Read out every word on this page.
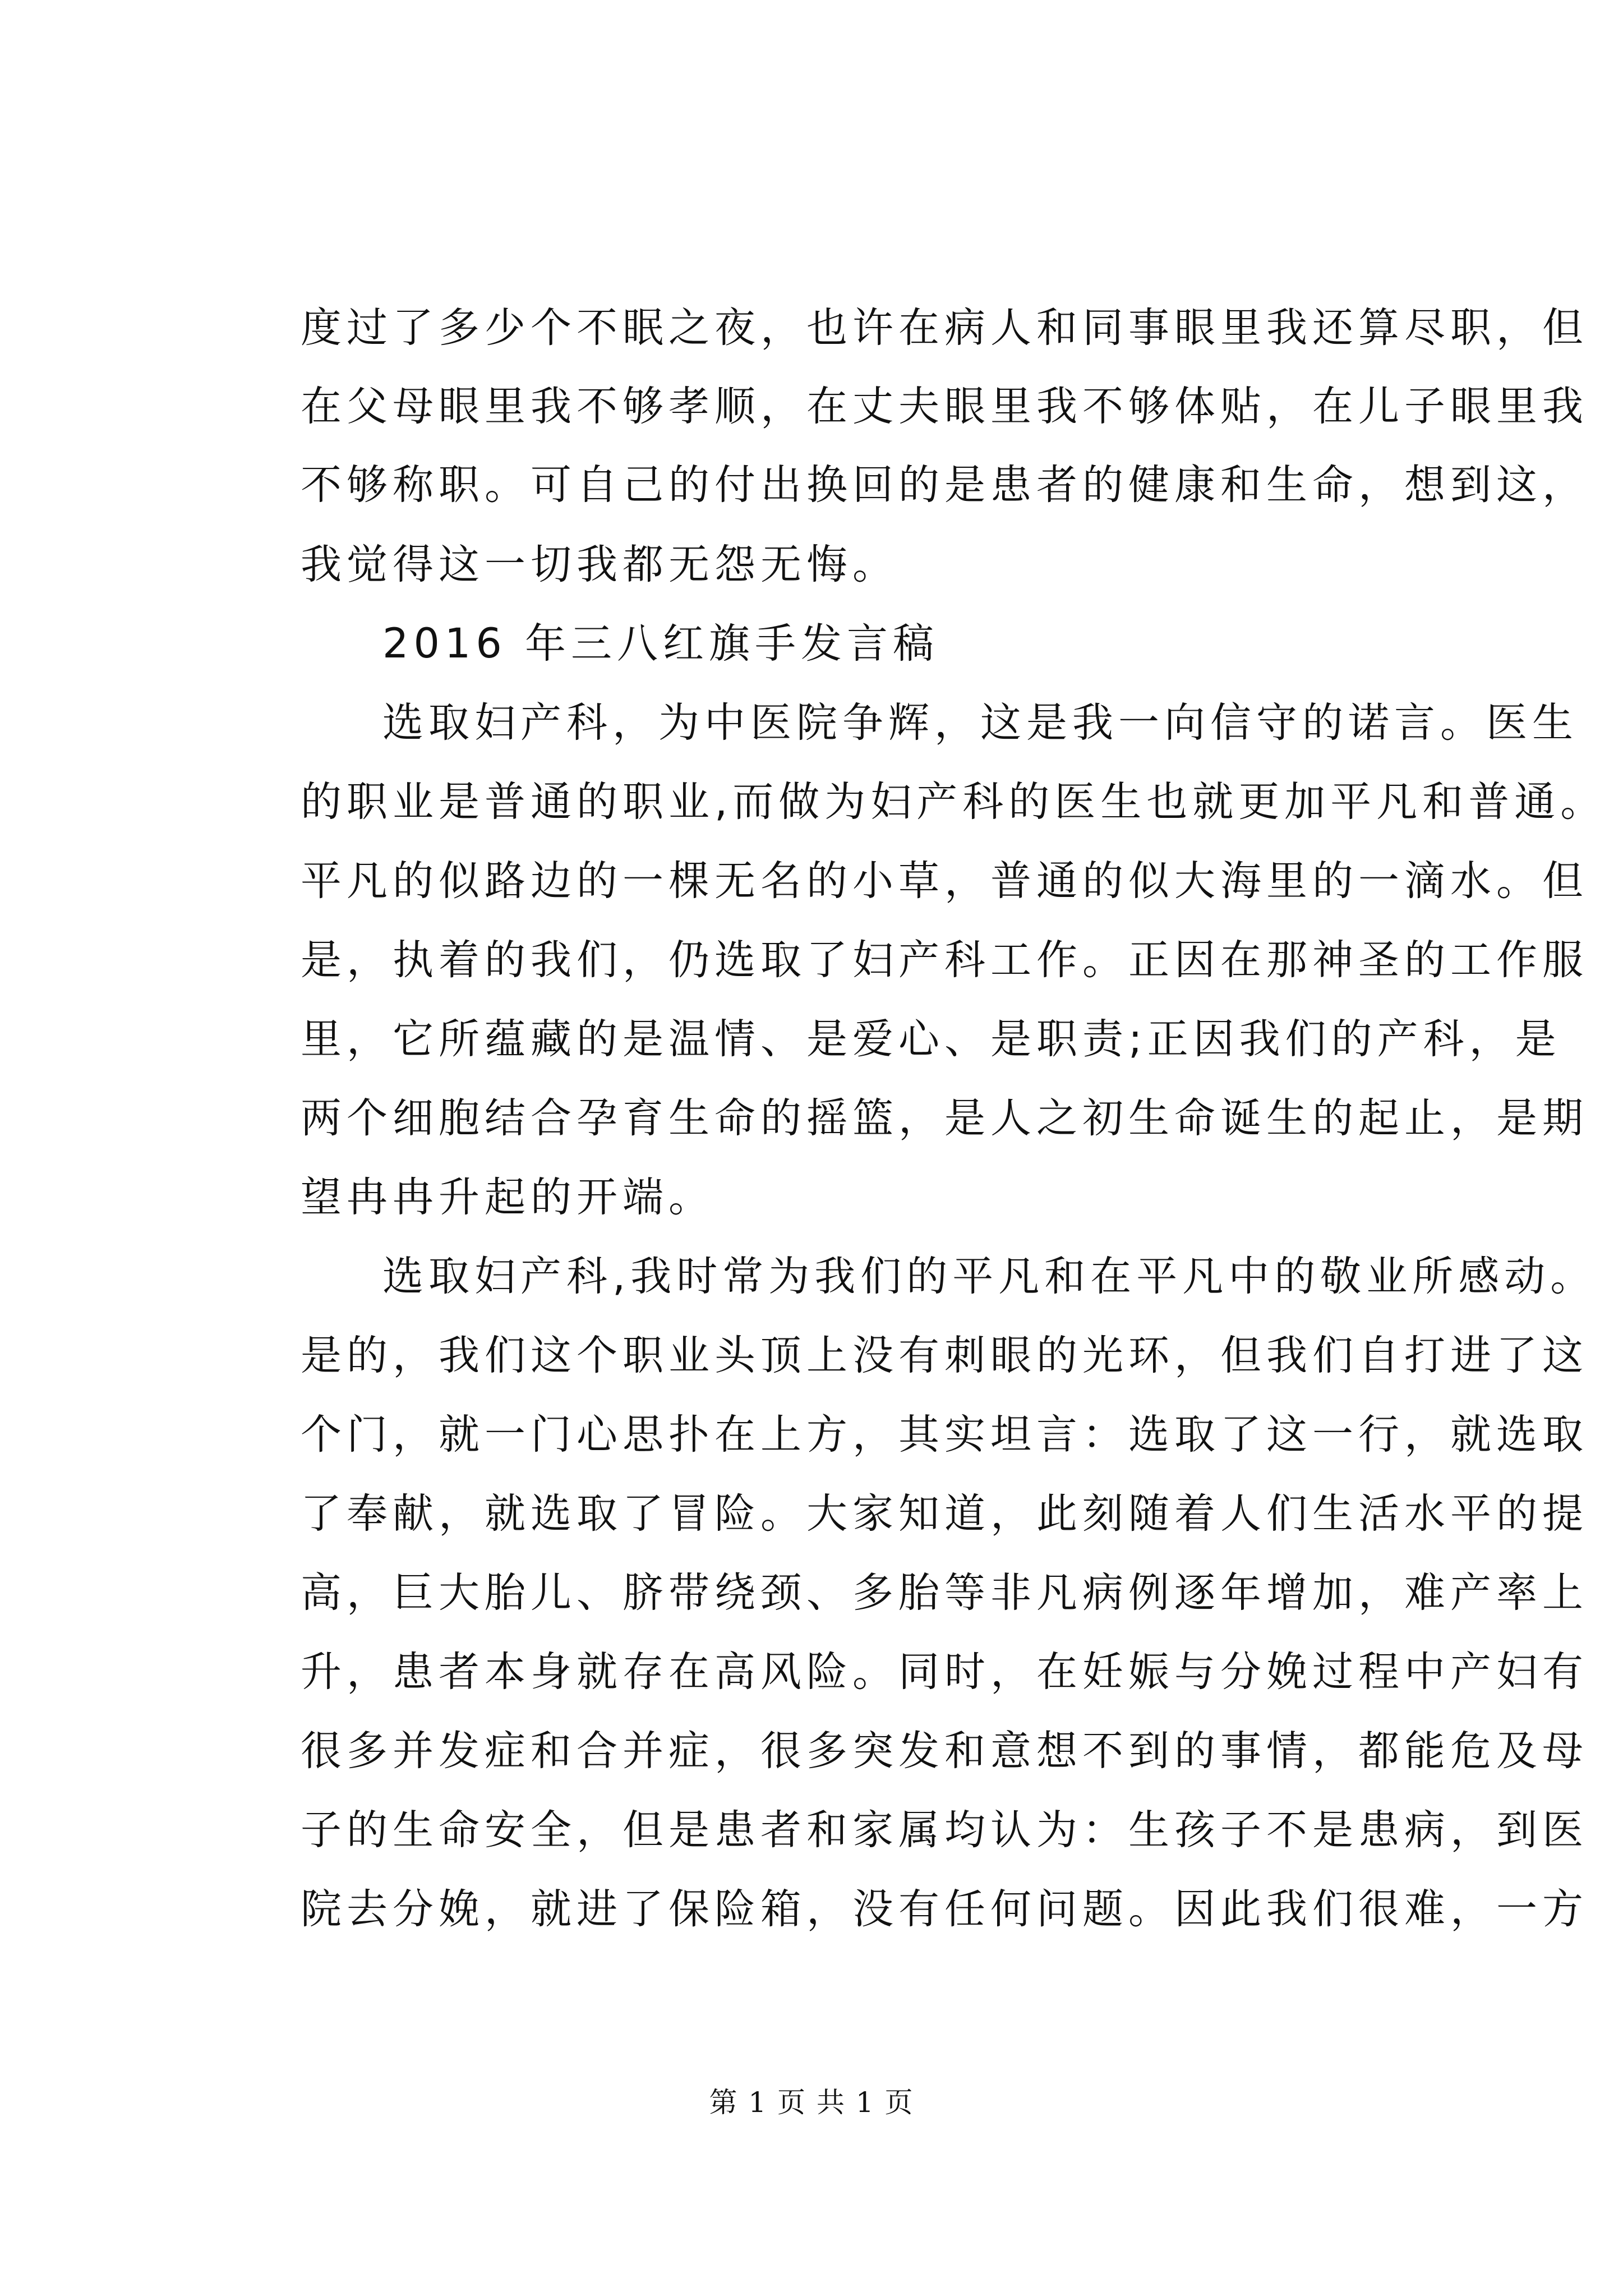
度过了多少个不眠之夜，也许在病人和同事眼里我还算尽职，但
在父母眼里我不够孝顺，在丈夫眼里我不够体贴，在儿子眼里我
不够称职。可自己的付出换回的是患者的健康和生命，想到这，
我觉得这一切我都无怨无悔。
2016 年三八红旗手发言稿
选取妇产科，为中医院争辉，这是我一向信守的诺言。医生
的职业是普通的职业,而做为妇产科的医生也就更加平凡和普通。
平凡的似路边的一棵无名的小草，普通的似大海里的一滴水。但
是，执着的我们，仍选取了妇产科工作。正因在那神圣的工作服
里，它所蕴藏的是温情、是爱心、是职责;正因我们的产科，是
两个细胞结合孕育生命的摇篮，是人之初生命诞生的起止，是期
望冉冉升起的开端。
选取妇产科,我时常为我们的平凡和在平凡中的敬业所感动。
是的，我们这个职业头顶上没有刺眼的光环，但我们自打进了这
个门，就一门心思扑在上方，其实坦言：选取了这一行，就选取
了奉献，就选取了冒险。大家知道，此刻随着人们生活水平的提
高，巨大胎儿、脐带绕颈、多胎等非凡病例逐年增加，难产率上
升，患者本身就存在高风险。同时，在妊娠与分娩过程中产妇有
很多并发症和合并症，很多突发和意想不到的事情，都能危及母
子的生命安全，但是患者和家属均认为：生孩子不是患病，到医
院去分娩，就进了保险箱，没有任何问题。因此我们很难，一方
第 1 页 共 1 页
